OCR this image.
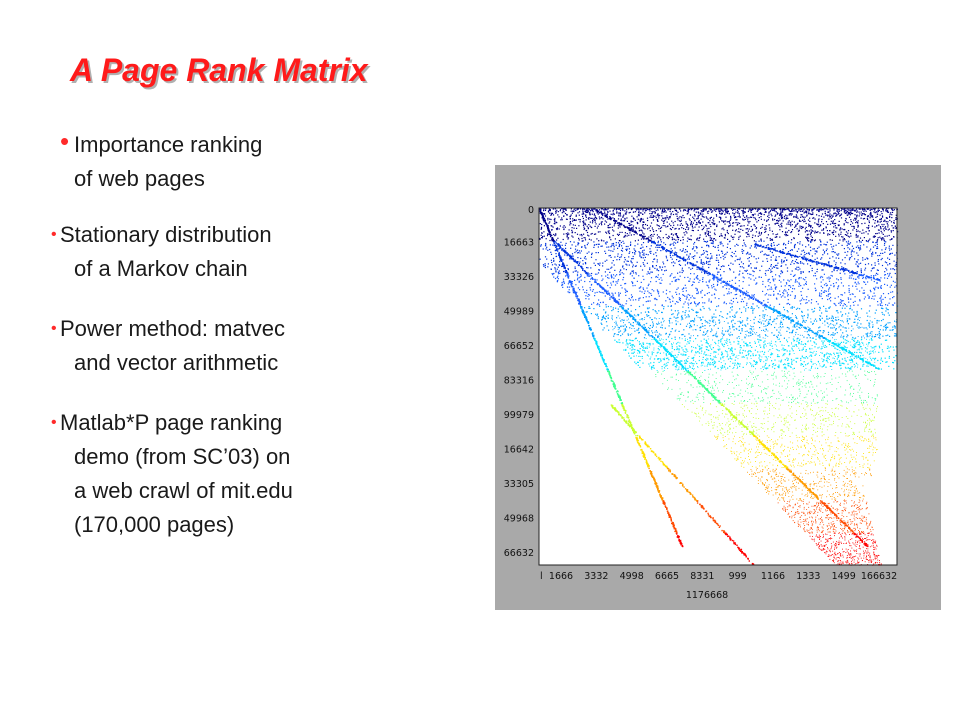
A Page Rank Matrix
• Importance ranking
of web pages
• Stationary distribution
of a Markov chain
• Power method: matvec
and vector arithmetic
• Matlab*P page ranking
demo (from SC’03) on
a web crawl of mit.edu
(170,000 pages)
0
16663
33326
49989
66652
83316
99979
16642
33305
49968
66632
l 1666 3332 4998 6665 8331 999 1166 1333 1499 166632
1176668
